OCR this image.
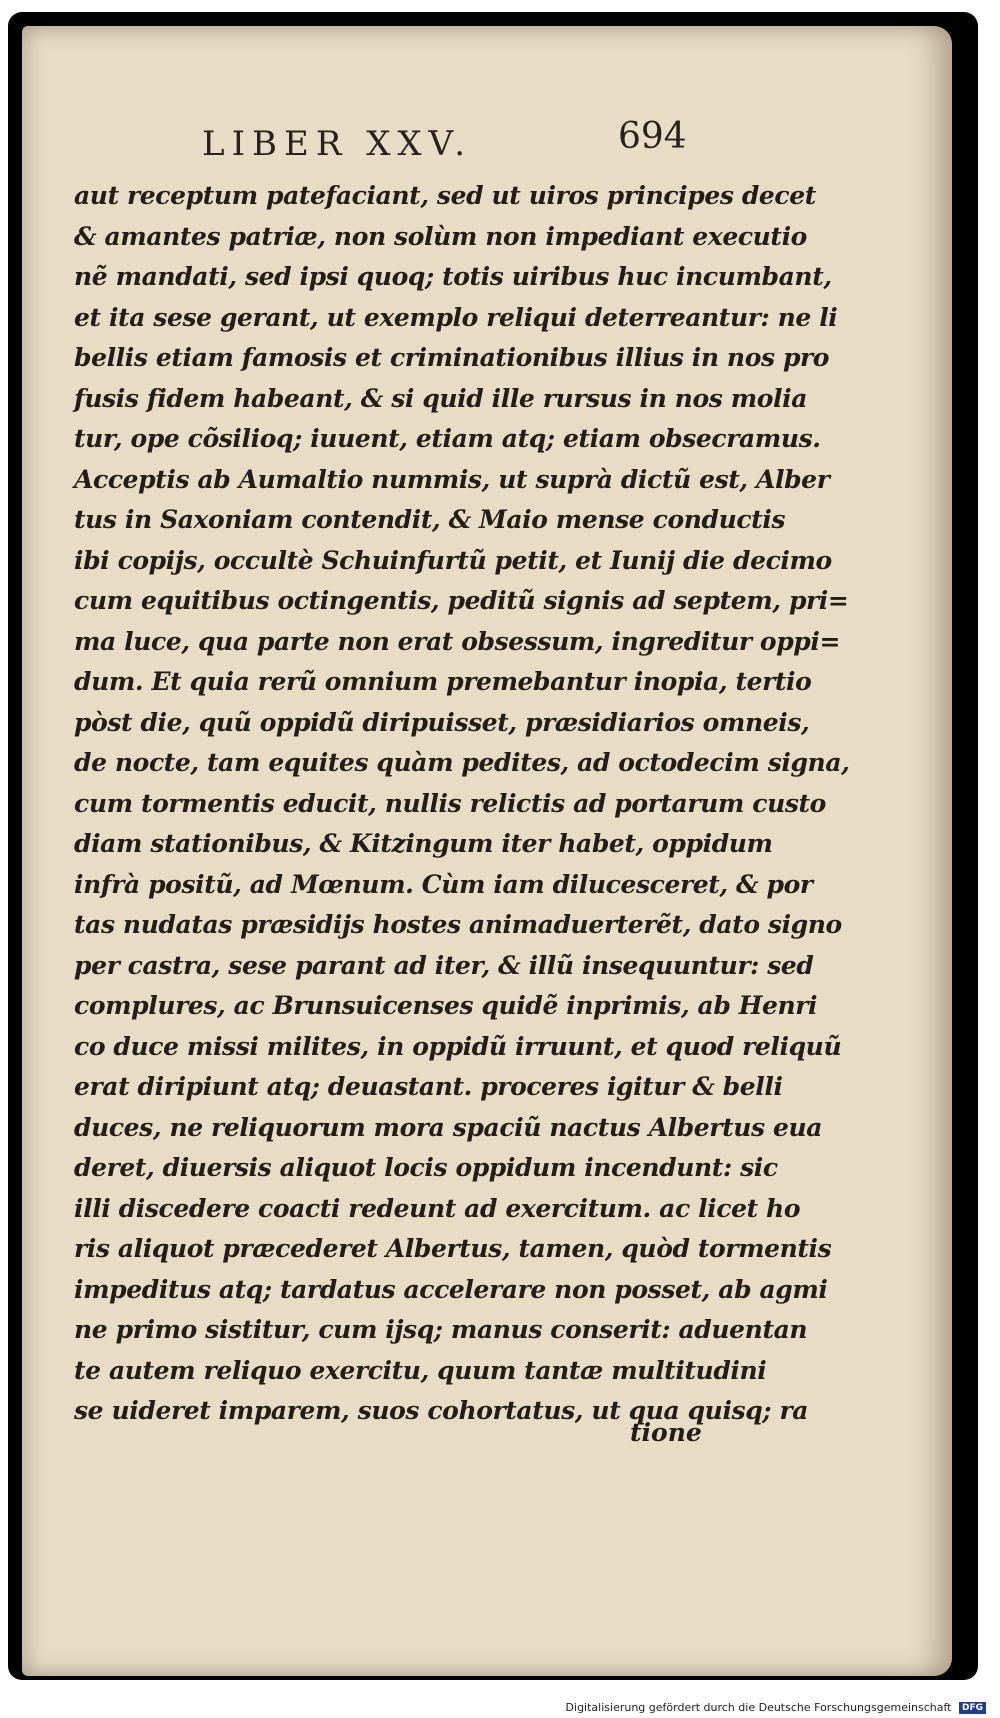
LIBER XXV.	694
aut receptum patefaciant, sed ut uiros principes decet
& amantes patriæ, non solùm non impediant executio
nẽ mandati, sed ipsi quoq; totis uiribus huc incumbant,
et ita sese gerant, ut exemplo reliqui deterreantur: ne li
bellis etiam famosis et criminationibus illius in nos pro
fusis fidem habeant, & si quid ille rursus in nos molia
tur, ope cõsilioq; iuuent, etiam atq; etiam obsecramus.
Acceptis ab Aumaltio nummis, ut suprà dictũ est, Alber
tus in Saxoniam contendit, & Maio mense conductis
ibi copijs, occultè Schuinfurtũ petit, et Iunij die decimo
cum equitibus octingentis, peditũ signis ad septem, pri=
ma luce, qua parte non erat obsessum, ingreditur oppi=
dum. Et quia rerũ omnium premebantur inopia, tertio
pòst die, quũ oppidũ diripuisset, præsidiarios omneis,
de nocte, tam equites quàm pedites, ad octodecim signa,
cum tormentis educit, nullis relictis ad portarum custo
diam stationibus, & Kitzingum iter habet, oppidum
infrà positũ, ad Mœnum. Cùm iam dilucesceret, & por
tas nudatas præsidijs hostes animaduerterẽt, dato signo
per castra, sese parant ad iter, & illũ insequuntur: sed
complures, ac Brunsuicenses quidẽ inprimis, ab Henri
co duce missi milites, in oppidũ irruunt, et quod reliquũ
erat diripiunt atq; deuastant. proceres igitur & belli
duces, ne reliquorum mora spaciũ nactus Albertus eua
deret, diuersis aliquot locis oppidum incendunt: sic
illi discedere coacti redeunt ad exercitum. ac licet ho
ris aliquot præcederet Albertus, tamen, quòd tormentis
impeditus atq; tardatus accelerare non posset, ab agmi
ne primo sistitur, cum ijsq; manus conserit: aduentan
te autem reliquo exercitu, quum tantæ multitudini
se uideret imparem, suos cohortatus, ut qua quisq; ra
tione
Digitalisierung gefördert durch die Deutsche Forschungsgemeinschaft DFG
